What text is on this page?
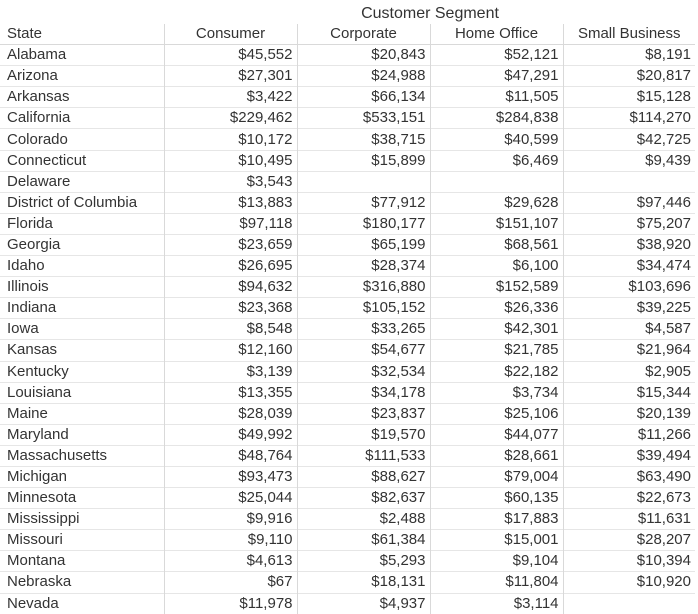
Customer Segment
State	Consumer	Corporate	Home Office	Small Business
Alabama	$45,552	$20,843	$52,121	$8,191
Arizona	$27,301	$24,988	$47,291	$20,817
Arkansas	$3,422	$66,134	$11,505	$15,128
California	$229,462	$533,151	$284,838	$114,270
Colorado	$10,172	$38,715	$40,599	$42,725
Connecticut	$10,495	$15,899	$6,469	$9,439
Delaware	$3,543			
District of Columbia	$13,883	$77,912	$29,628	$97,446
Florida	$97,118	$180,177	$151,107	$75,207
Georgia	$23,659	$65,199	$68,561	$38,920
Idaho	$26,695	$28,374	$6,100	$34,474
Illinois	$94,632	$316,880	$152,589	$103,696
Indiana	$23,368	$105,152	$26,336	$39,225
Iowa	$8,548	$33,265	$42,301	$4,587
Kansas	$12,160	$54,677	$21,785	$21,964
Kentucky	$3,139	$32,534	$22,182	$2,905
Louisiana	$13,355	$34,178	$3,734	$15,344
Maine	$28,039	$23,837	$25,106	$20,139
Maryland	$49,992	$19,570	$44,077	$11,266
Massachusetts	$48,764	$111,533	$28,661	$39,494
Michigan	$93,473	$88,627	$79,004	$63,490
Minnesota	$25,044	$82,637	$60,135	$22,673
Mississippi	$9,916	$2,488	$17,883	$11,631
Missouri	$9,110	$61,384	$15,001	$28,207
Montana	$4,613	$5,293	$9,104	$10,394
Nebraska	$67	$18,131	$11,804	$10,920
Nevada	$11,978	$4,937	$3,114	
